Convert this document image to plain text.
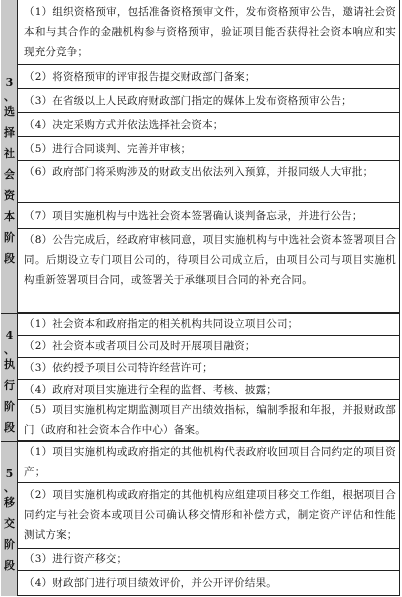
3
、
选
择
社
会
资
本
阶
段
4
、
执
行
阶
段
5
、
移
交
阶
段
（1）组织资格预审，包括准备资格预审文件，发布资格预审公告，邀请社会资本和与其合作的金融机构参与资格预审，验证项目能否获得社会资本响应和实现充分竞争；
（2）将资格预审的评审报告提交财政部门备案；
（3）在省级以上人民政府财政部门指定的媒体上发布资格预审公告；
（4）决定采购方式并依法选择社会资本；
（5）进行合同谈判、完善并审核；
（6）政府部门将采购涉及的财政支出依法列入预算，并报同级人大审批；
（7）项目实施机构与中选社会资本签署确认谈判备忘录，并进行公告；
（8）公告完成后，经政府审核同意，项目实施机构与中选社会资本签署项目合同。后期设立专门项目公司的，待项目公司成立后，由项目公司与项目实施机构重新签署项目合同，或签署关于承继项目合同的补充合同。
（1）社会资本和政府指定的相关机构共同设立项目公司；
（2）社会资本或者项目公司及时开展项目融资；
（3）依约授予项目公司特许经营许可；
（4）政府对项目实施进行全程的监督、考核、披露；
（5）项目实施机构定期监测项目产出绩效指标，编制季报和年报，并报财政部门（政府和社会资本合作中心）备案。
（1）项目实施机构或政府指定的其他机构代表政府收回项目合同约定的项目资产；
（2）项目实施机构或政府指定的其他机构应组建项目移交工作组，根据项目合同约定与社会资本或项目公司确认移交情形和补偿方式，制定资产评估和性能测试方案；
（3）进行资产移交；
（4）财政部门进行项目绩效评价，并公开评价结果。
